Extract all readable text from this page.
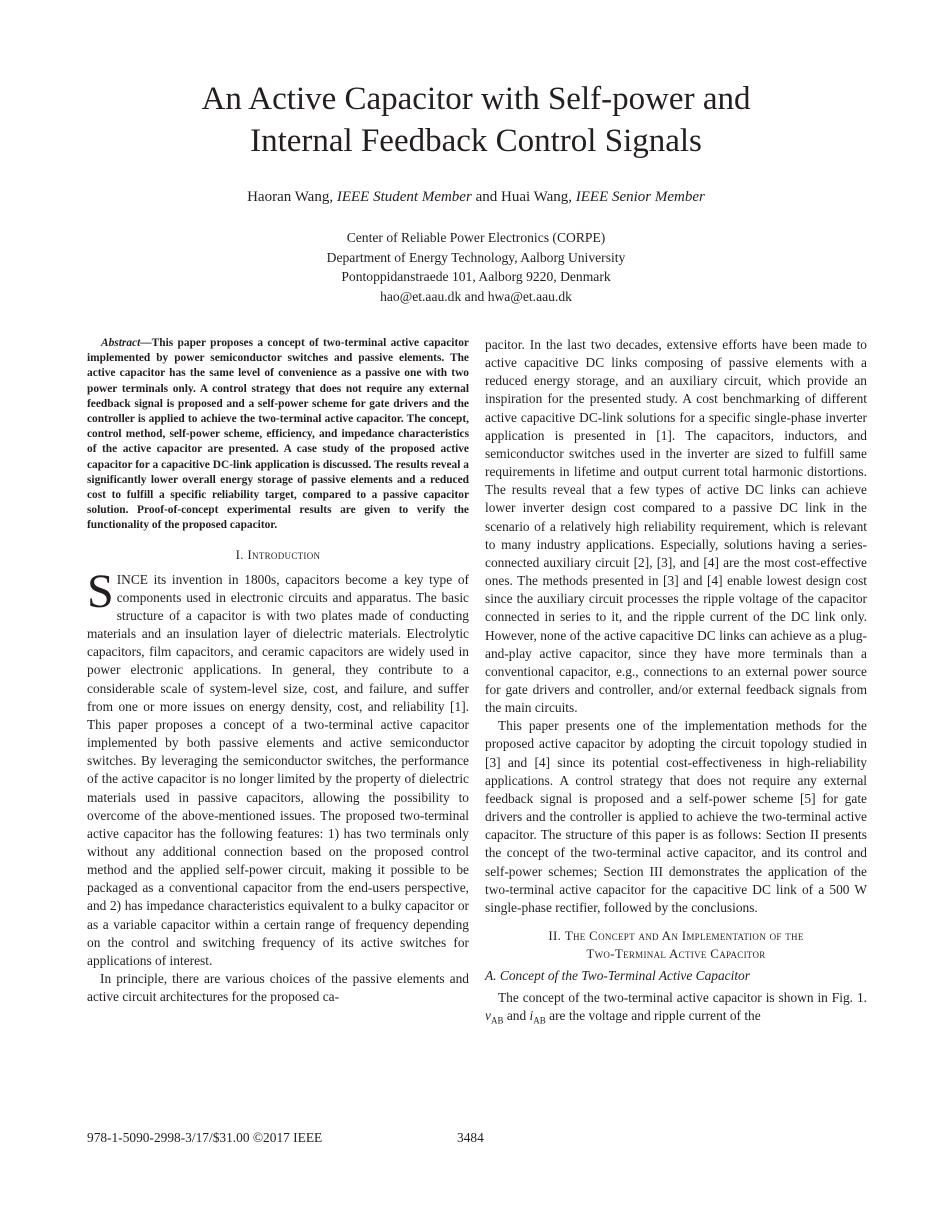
An Active Capacitor with Self-power and
Internal Feedback Control Signals
Haoran Wang, IEEE Student Member and Huai Wang, IEEE Senior Member
Center of Reliable Power Electronics (CORPE)
Department of Energy Technology, Aalborg University
Pontoppidanstraede 101, Aalborg 9220, Denmark
hao@et.aau.dk and hwa@et.aau.dk

Abstract—This paper proposes a concept of two-terminal active capacitor implemented by power semiconductor switches and passive elements. The active capacitor has the same level of convenience as a passive one with two power terminals only. A control strategy that does not require any external feedback signal is proposed and a self-power scheme for gate drivers and the controller is applied to achieve the two-terminal active capacitor. The concept, control method, self-power scheme, efficiency, and impedance characteristics of the active capacitor are presented. A case study of the proposed active capacitor for a capacitive DC-link application is discussed. The results reveal a significantly lower overall energy storage of passive elements and a reduced cost to fulfill a specific reliability target, compared to a passive capacitor solution. Proof-of-concept experimental results are given to verify the functionality of the proposed capacitor.

I. Introduction

SINCE its invention in 1800s, capacitors become a key type of components used in electronic circuits and apparatus. The basic structure of a capacitor is with two plates made of conducting materials and an insulation layer of dielectric materials. Electrolytic capacitors, film capacitors, and ceramic capacitors are widely used in power electronic applications. In general, they contribute to a considerable scale of system-level size, cost, and failure, and suffer from one or more issues on energy density, cost, and reliability [1]. This paper proposes a concept of a two-terminal active capacitor implemented by both passive elements and active semiconductor switches. By leveraging the semiconductor switches, the performance of the active capacitor is no longer limited by the property of dielectric materials used in passive capacitors, allowing the possibility to overcome of the above-mentioned issues. The proposed two-terminal active capacitor has the following features: 1) has two terminals only without any additional connection based on the proposed control method and the applied self-power circuit, making it possible to be packaged as a conventional capacitor from the end-users perspective, and 2) has impedance characteristics equivalent to a bulky capacitor or as a variable capacitor within a certain range of frequency depending on the control and switching frequency of its active switches for applications of interest.

In principle, there are various choices of the passive elements and active circuit architectures for the proposed ca-

pacitor. In the last two decades, extensive efforts have been made to active capacitive DC links composing of passive elements with a reduced energy storage, and an auxiliary circuit, which provide an inspiration for the presented study. A cost benchmarking of different active capacitive DC-link solutions for a specific single-phase inverter application is presented in [1]. The capacitors, inductors, and semiconductor switches used in the inverter are sized to fulfill same requirements in lifetime and output current total harmonic distortions. The results reveal that a few types of active DC links can achieve lower inverter design cost compared to a passive DC link in the scenario of a relatively high reliability requirement, which is relevant to many industry applications. Especially, solutions having a series-connected auxiliary circuit [2], [3], and [4] are the most cost-effective ones. The methods presented in [3] and [4] enable lowest design cost since the auxiliary circuit processes the ripple voltage of the capacitor connected in series to it, and the ripple current of the DC link only. However, none of the active capacitive DC links can achieve as a plug-and-play active capacitor, since they have more terminals than a conventional capacitor, e.g., connections to an external power source for gate drivers and controller, and/or external feedback signals from the main circuits.

This paper presents one of the implementation methods for the proposed active capacitor by adopting the circuit topology studied in [3] and [4] since its potential cost-effectiveness in high-reliability applications. A control strategy that does not require any external feedback signal is proposed and a self-power scheme [5] for gate drivers and the controller is applied to achieve the two-terminal active capacitor. The structure of this paper is as follows: Section II presents the concept of the two-terminal active capacitor, and its control and self-power schemes; Section III demonstrates the application of the two-terminal active capacitor for the capacitive DC link of a 500 W single-phase rectifier, followed by the conclusions.

II. The Concept and An Implementation of the
Two-Terminal Active Capacitor
A. Concept of the Two-Terminal Active Capacitor

The concept of the two-terminal active capacitor is shown in Fig. 1. $v_{AB}$ and $i_{AB}$ are the voltage and ripple current of the

978-1-5090-2998-3/17/$31.00 ©2017 IEEE	3484
